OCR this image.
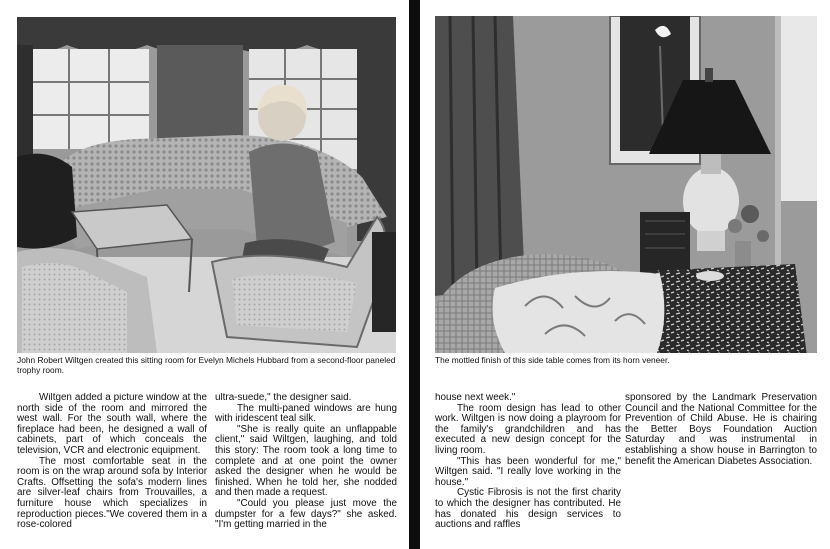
John Robert Wiltgen created this sitting room for Evelyn Michels Hubbard from a second-floor paneled trophy room.

Wiltgen added a picture window at the north side of the room and mirrored the west wall. For the south wall, where the fireplace had been, he designed a wall of cabinets, part of which conceals the television, VCR and electronic equipment.

The most comfortable seat in the room is on the wrap around sofa by Interior Crafts. Offsetting the sofa's modern lines are silver-leaf chairs from Trouvailles, a furniture house which specializes in reproduction pieces."We covered them in a rose-colored

ultra-suede," the designer said.

The multi-paned windows are hung with iridescent teal silk.

"She is really quite an unflappable client," said Wiltgen, laughing, and told this story: The room took a long time to complete and at one point the owner asked the designer when he would be finished. When he told her, she nodded and then made a request.

"Could you please just move the dumpster for a few days?" she asked. "I'm getting married in the

The mottled finish of this side table comes from its horn veneer.

house next week."

The room design has lead to other work. Wiltgen is now doing a playroom for the family's grandchildren and has executed a new design concept for the living room.

"This has been wonderful for me," Wiltgen said. "I really love working in the house."

Cystic Fibrosis is not the first charity to which the designer has contributed. He has donated his design services to auctions and raffles

sponsored by the Landmark Preservation Council and the National Committee for the Prevention of Child Abuse. He is chairing the Better Boys Foundation Auction Saturday and was instrumental in establishing a show house in Barrington to benefit the American Diabetes Association.
